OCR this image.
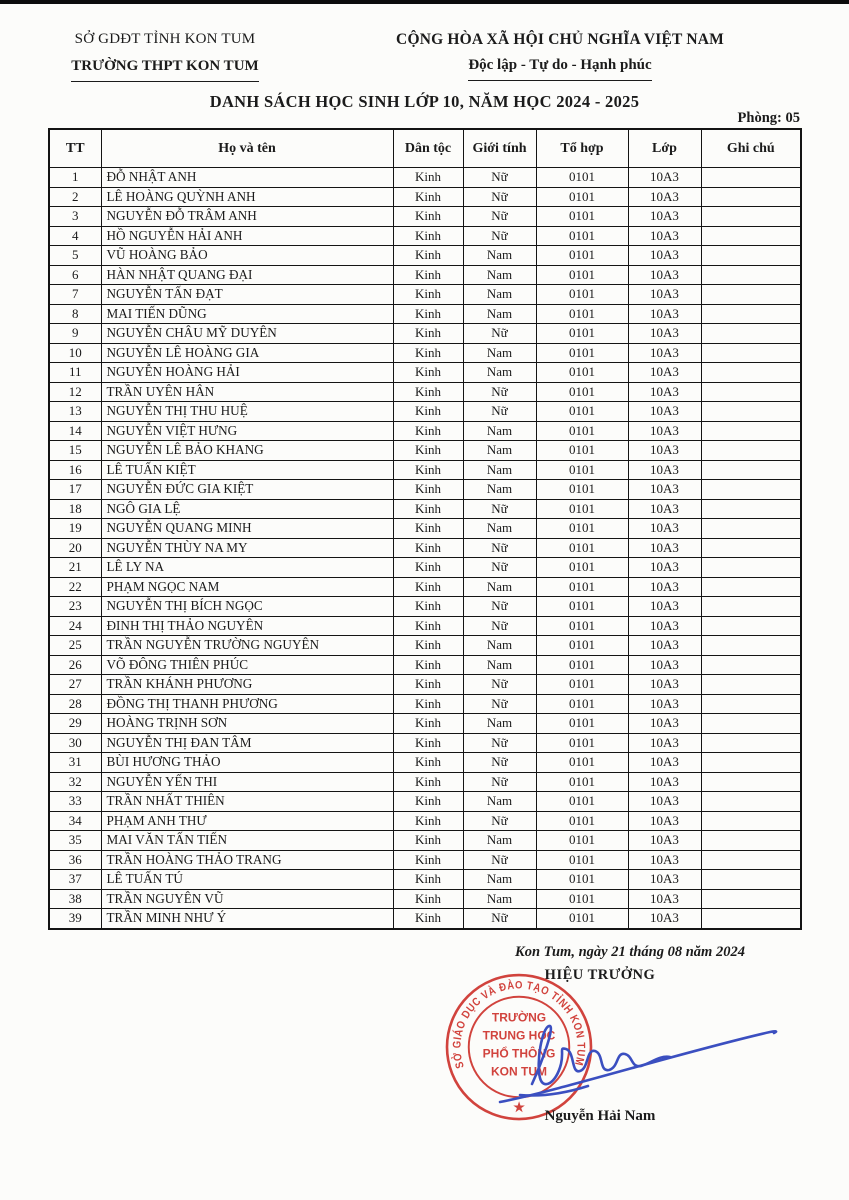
SỞ GDĐT TỈNH KON TUM
TRƯỜNG THPT KON TUM
CỘNG HÒA XÃ HỘI CHỦ NGHĨA VIỆT NAM
Độc lập - Tự do - Hạnh phúc
DANH SÁCH HỌC SINH LỚP 10, NĂM HỌC 2024 - 2025
Phòng: 05
TT	Họ và tên	Dân tộc	Giới tính	Tổ hợp	Lớp	Ghi chú
1	ĐỖ NHẬT ANH	Kinh	Nữ	0101	10A3	
2	LÊ HOÀNG QUỲNH ANH	Kinh	Nữ	0101	10A3	
3	NGUYỄN ĐỖ TRÂM ANH	Kinh	Nữ	0101	10A3	
4	HỒ NGUYỄN HẢI ANH	Kinh	Nữ	0101	10A3	
5	VŨ HOÀNG BẢO	Kinh	Nam	0101	10A3	
6	HÀN NHẬT QUANG ĐẠI	Kinh	Nam	0101	10A3	
7	NGUYỄN TẤN ĐẠT	Kinh	Nam	0101	10A3	
8	MAI TIẾN DŨNG	Kinh	Nam	0101	10A3	
9	NGUYỄN CHÂU MỸ DUYÊN	Kinh	Nữ	0101	10A3	
10	NGUYỄN LÊ HOÀNG GIA	Kinh	Nam	0101	10A3	
11	NGUYỄN HOÀNG HẢI	Kinh	Nam	0101	10A3	
12	TRẦN UYÊN HÂN	Kinh	Nữ	0101	10A3	
13	NGUYỄN THỊ THU HUỆ	Kinh	Nữ	0101	10A3	
14	NGUYỄN VIỆT HƯNG	Kinh	Nam	0101	10A3	
15	NGUYỄN LÊ BẢO KHANG	Kinh	Nam	0101	10A3	
16	LÊ TUẤN KIỆT	Kinh	Nam	0101	10A3	
17	NGUYỄN ĐỨC GIA KIỆT	Kinh	Nam	0101	10A3	
18	NGÔ GIA LỆ	Kinh	Nữ	0101	10A3	
19	NGUYỄN QUANG MINH	Kinh	Nam	0101	10A3	
20	NGUYỄN THÙY NA MY	Kinh	Nữ	0101	10A3	
21	LÊ LY NA	Kinh	Nữ	0101	10A3	
22	PHẠM NGỌC NAM	Kinh	Nam	0101	10A3	
23	NGUYỄN THỊ BÍCH NGỌC	Kinh	Nữ	0101	10A3	
24	ĐINH THỊ THẢO NGUYÊN	Kinh	Nữ	0101	10A3	
25	TRẦN NGUYỄN TRƯỜNG NGUYÊN	Kinh	Nam	0101	10A3	
26	VÕ ĐÔNG THIÊN PHÚC	Kinh	Nam	0101	10A3	
27	TRẦN KHÁNH PHƯƠNG	Kinh	Nữ	0101	10A3	
28	ĐỒNG THỊ THANH PHƯƠNG	Kinh	Nữ	0101	10A3	
29	HOÀNG TRỊNH SƠN	Kinh	Nam	0101	10A3	
30	NGUYỄN THỊ ĐAN TÂM	Kinh	Nữ	0101	10A3	
31	BÙI HƯƠNG THẢO	Kinh	Nữ	0101	10A3	
32	NGUYỄN YẾN THI	Kinh	Nữ	0101	10A3	
33	TRẦN NHẤT THIÊN	Kinh	Nam	0101	10A3	
34	PHẠM ANH THƯ	Kinh	Nữ	0101	10A3	
35	MAI VĂN TẤN TIẾN	Kinh	Nam	0101	10A3	
36	TRẦN HOÀNG THẢO TRANG	Kinh	Nữ	0101	10A3	
37	LÊ TUẤN TÚ	Kinh	Nam	0101	10A3	
38	TRẦN NGUYÊN VŨ	Kinh	Nam	0101	10A3	
39	TRẦN MINH NHƯ Ý	Kinh	Nữ	0101	10A3	
Kon Tum, ngày 21 tháng 08 năm 2024
HIỆU TRƯỞNG
SỞ GIÁO DỤC VÀ ĐÀO TẠO TỈNH KON TUM
TRƯỜNG
TRUNG HỌC
PHỔ THÔNG
KON TUM
★
Nguyễn Hải Nam
